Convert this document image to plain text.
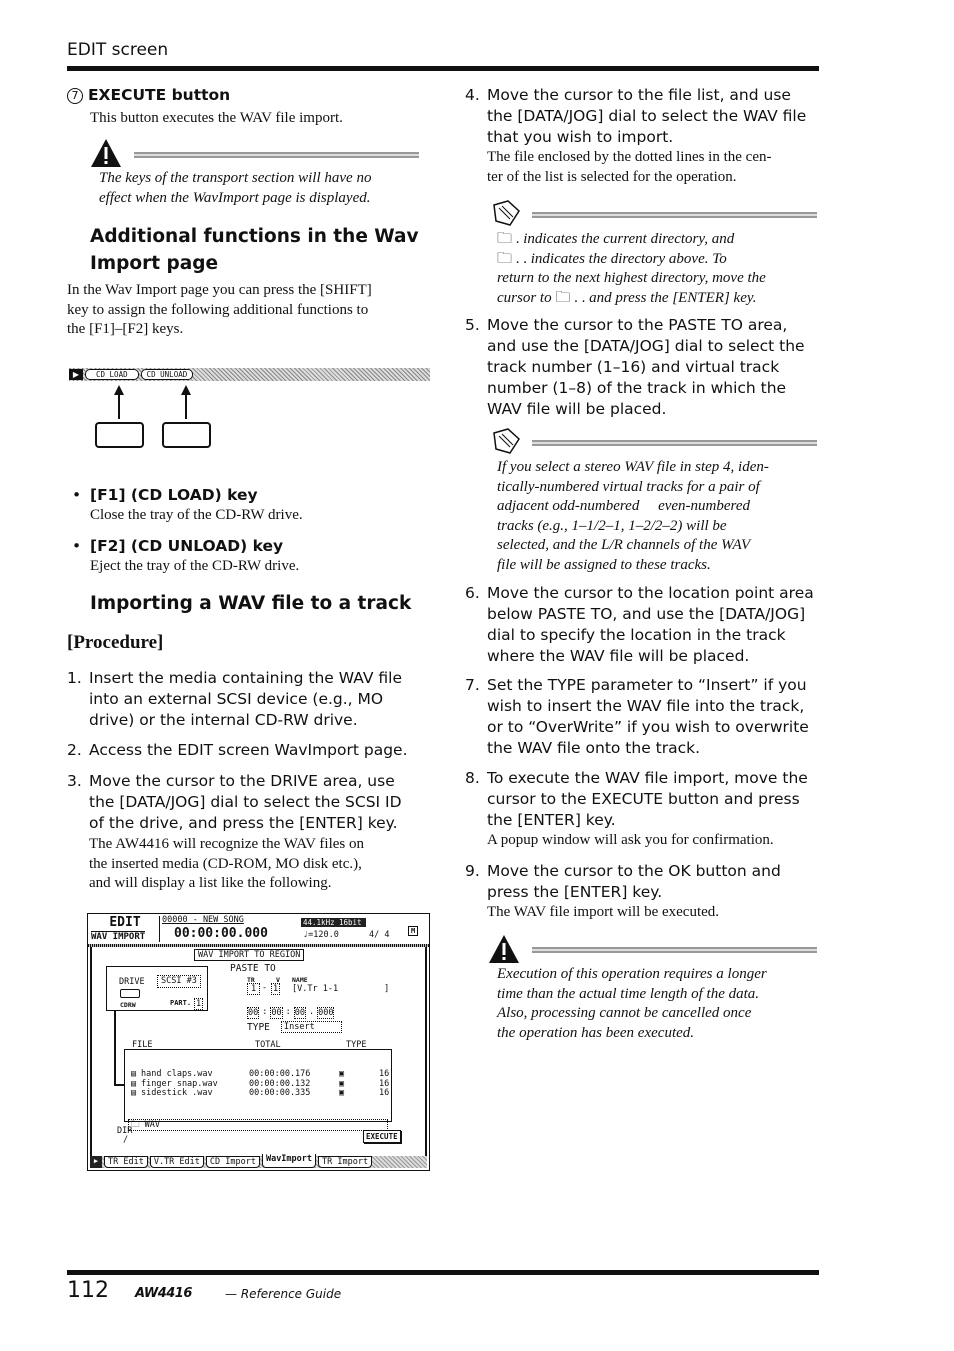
EDIT screen
7 EXECUTE button
This button executes the WAV file import.
The keys of the transport section will have no
effect when the WavImport page is displayed.
Additional functions in the Wav
Import page
In the Wav Import page you can press the [SHIFT]
key to assign the following additional functions to
the [F1]–[F2] keys.
▶	CD LOAD	CD UNLOAD
• [F1] (CD LOAD) key
Close the tray of the CD-RW drive.
• [F2] (CD UNLOAD) key
Eject the tray of the CD-RW drive.
Importing a WAV file to a track
[Procedure]
1. Insert the media containing the WAV file
into an external SCSI device (e.g., MO
drive) or the internal CD-RW drive.
2. Access the EDIT screen WavImport page.
3. Move the cursor to the DRIVE area, use
the [DATA/JOG] dial to select the SCSI ID
of the drive, and press the [ENTER] key.
The AW4416 will recognize the WAV files on
the inserted media (CD-ROM, MO disk etc.),
and will display a list like the following.
EDIT
WAV IMPORT
00000 - NEW SONG
00:00:00.000
44.1kHz 16bit
♩=120.0	4/ 4	M
WAV IMPORT TO REGION
DRIVE	SCSI #3
CDRW	PART. 1
PASTE TO
TR	V NAME
1 - 1 [V.Tr 1-1         ]
00 : 00 : 00 . 000
TYPE	Insert
FILE	TOTAL	TYPE

▤ hand claps.wav	00:00:00.176	▣	16
▤ finger snap.wav	00:00:00.132	▣	16
▤ sidestick .wav	00:00:00.335	▣	16

🗀 WAV

DIR
/	EXECUTE
▶	TR Edit	V.TR Edit	CD Import	WavImport	TR Import
4. Move the cursor to the file list, and use
the [DATA/JOG] dial to select the WAV file
that you wish to import.
The file enclosed by the dotted lines in the cen-
ter of the list is selected for the operation.
🗀 . indicates the current directory, and
🗀 . . indicates the directory above. To
return to the next highest directory, move the
cursor to 🗀 . . and press the [ENTER] key.
5. Move the cursor to the PASTE TO area,
and use the [DATA/JOG] dial to select the
track number (1–16) and virtual track
number (1–8) of the track in which the
WAV file will be placed.
If you select a stereo WAV file in step 4, iden-
tically-numbered virtual tracks for a pair of
adjacent odd-numbered     even-numbered
tracks (e.g., 1–1/2–1, 1–2/2–2) will be
selected, and the L/R channels of the WAV
file will be assigned to these tracks.
6. Move the cursor to the location point area
below PASTE TO, and use the [DATA/JOG]
dial to specify the location in the track
where the WAV file will be placed.
7. Set the TYPE parameter to “Insert” if you
wish to insert the WAV file into the track,
or to “OverWrite” if you wish to overwrite
the WAV file onto the track.
8. To execute the WAV file import, move the
cursor to the EXECUTE button and press
the [ENTER] key.
A popup window will ask you for confirmation.
9. Move the cursor to the OK button and
press the [ENTER] key.
The WAV file import will be executed.
Execution of this operation requires a longer
time than the actual time length of the data.
Also, processing cannot be cancelled once
the operation has been executed.
112 AW4416	— Reference Guide
